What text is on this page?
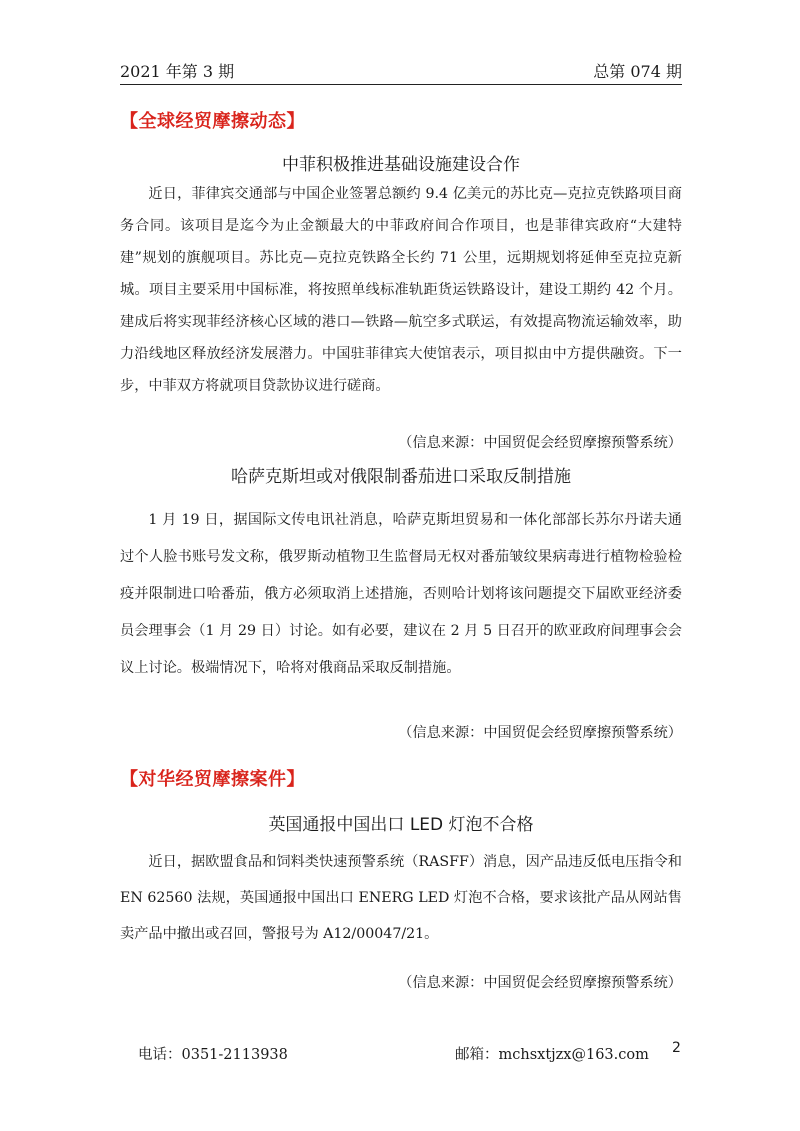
2021 年第 3 期	总第 074 期
【全球经贸摩擦动态】
中菲积极推进基础设施建设合作

近日，菲律宾交通部与中国企业签署总额约 9.4 亿美元的苏比克—克拉克铁路项目商务合同。该项目是迄今为止金额最大的中菲政府间合作项目，也是菲律宾政府“大建特建”规划的旗舰项目。苏比克—克拉克铁路全长约 71 公里，远期规划将延伸至克拉克新城。项目主要采用中国标准，将按照单线标准轨距货运铁路设计，建设工期约 42 个月。建成后将实现菲经济核心区域的港口—铁路—航空多式联运，有效提高物流运输效率，助力沿线地区释放经济发展潜力。中国驻菲律宾大使馆表示，项目拟由中方提供融资。下一步，中菲双方将就项目贷款协议进行磋商。

（信息来源：中国贸促会经贸摩擦预警系统）
哈萨克斯坦或对俄限制番茄进口采取反制措施

1 月 19 日，据国际文传电讯社消息，哈萨克斯坦贸易和一体化部部长苏尔丹诺夫通过个人脸书账号发文称，俄罗斯动植物卫生监督局无权对番茄皱纹果病毒进行植物检验检疫并限制进口哈番茄，俄方必须取消上述措施，否则哈计划将该问题提交下届欧亚经济委员会理事会（1 月 29 日）讨论。如有必要，建议在 2 月 5 日召开的欧亚政府间理事会会议上讨论。极端情况下，哈将对俄商品采取反制措施。

（信息来源：中国贸促会经贸摩擦预警系统）
【对华经贸摩擦案件】
英国通报中国出口 LED 灯泡不合格

近日，据欧盟食品和饲料类快速预警系统（RASFF）消息，因产品违反低电压指令和 EN 62560 法规，英国通报中国出口 ENERG LED 灯泡不合格，要求该批产品从网站售卖产品中撤出或召回，警报号为 A12/00047/21。

（信息来源：中国贸促会经贸摩擦预警系统）
电话：0351-2113938	邮箱：mchsxtjzx@163.com 2
